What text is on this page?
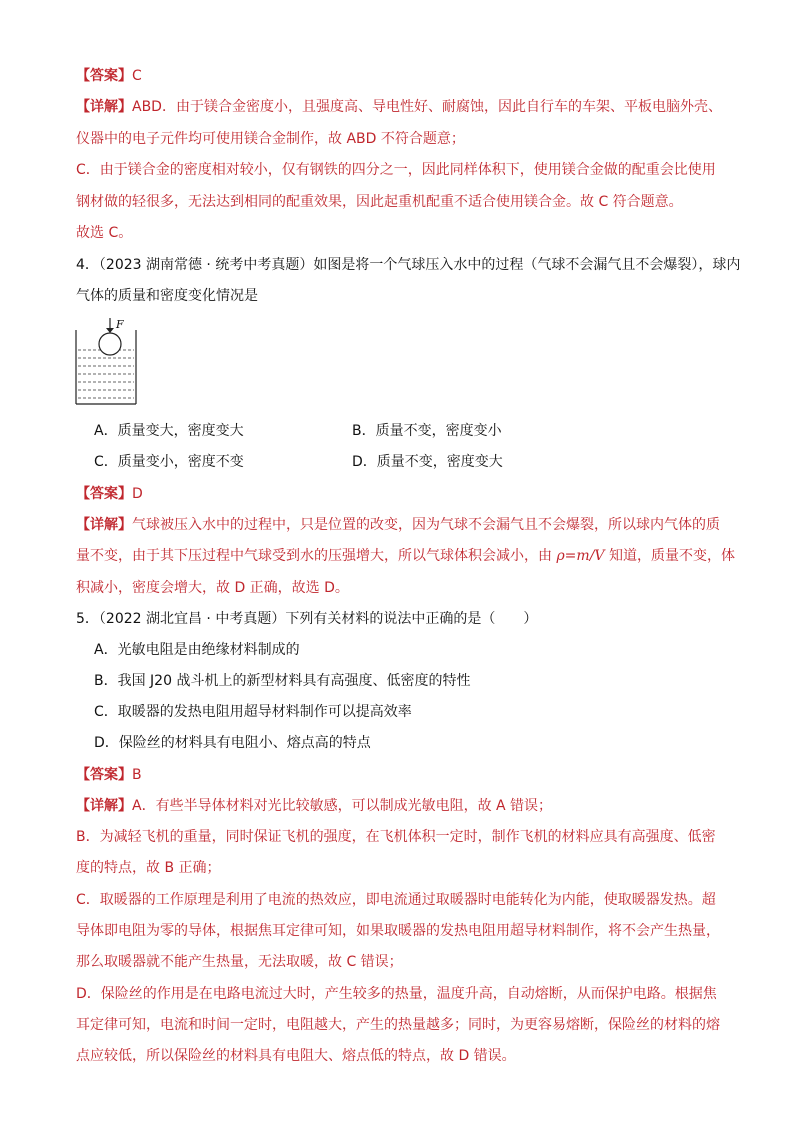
【答案】C
【详解】ABD．由于镁合金密度小，且强度高、导电性好、耐腐蚀，因此自行车的车架、平板电脑外壳、
仪器中的电子元件均可使用镁合金制作，故 ABD 不符合题意；
C．由于镁合金的密度相对较小，仅有钢铁的四分之一，因此同样体积下，使用镁合金做的配重会比使用
钢材做的轻很多，无法达到相同的配重效果，因此起重机配重不适合使用镁合金。故 C 符合题意。
故选 C。
4．（2023 湖南常德 · 统考中考真题）如图是将一个气球压入水中的过程（气球不会漏气且不会爆裂），球内
气体的质量和密度变化情况是
F
A．质量变大，密度变大	B．质量不变，密度变小
C．质量变小，密度不变	D．质量不变，密度变大
【答案】D
【详解】气球被压入水中的过程中，只是位置的改变，因为气球不会漏气且不会爆裂，所以球内气体的质
量不变，由于其下压过程中气球受到水的压强增大，所以气球体积会减小，由 ρ=m/V 知道，质量不变，体
积减小，密度会增大，故 D 正确，故选 D。
5．（2022 湖北宜昌 · 中考真题）下列有关材料的说法中正确的是（　　）
A．光敏电阻是由绝缘材料制成的
B．我国 J20 战斗机上的新型材料具有高强度、低密度的特性
C．取暖器的发热电阻用超导材料制作可以提高效率
D．保险丝的材料具有电阻小、熔点高的特点
【答案】B
【详解】A．有些半导体材料对光比较敏感，可以制成光敏电阻，故 A 错误；
B．为减轻飞机的重量，同时保证飞机的强度，在飞机体积一定时，制作飞机的材料应具有高强度、低密
度的特点，故 B 正确；
C．取暖器的工作原理是利用了电流的热效应，即电流通过取暖器时电能转化为内能，使取暖器发热。超
导体即电阻为零的导体，根据焦耳定律可知，如果取暖器的发热电阻用超导材料制作，将不会产生热量，
那么取暖器就不能产生热量，无法取暖，故 C 错误；
D．保险丝的作用是在电路电流过大时，产生较多的热量，温度升高，自动熔断，从而保护电路。根据焦
耳定律可知，电流和时间一定时，电阻越大，产生的热量越多；同时，为更容易熔断，保险丝的材料的熔
点应较低，所以保险丝的材料具有电阻大、熔点低的特点，故 D 错误。
